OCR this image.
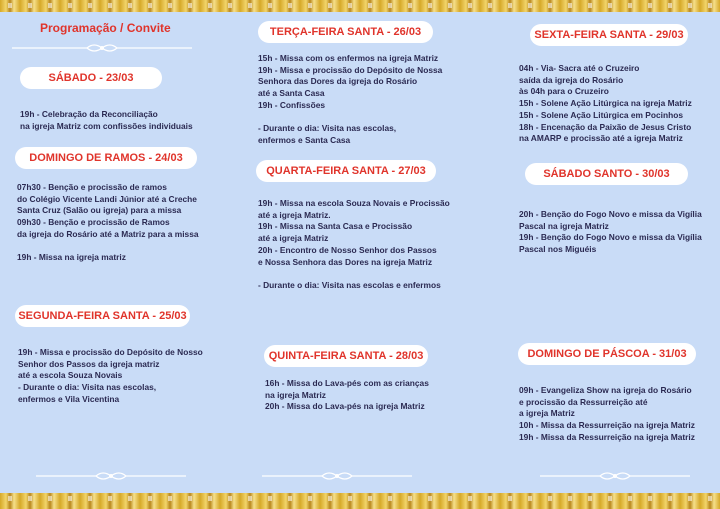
Programação / Convite
SÁBADO - 23/03
19h - Celebração da Reconciliação
na igreja Matriz com confissões individuais
DOMINGO DE RAMOS - 24/03
07h30 - Benção e procissão de ramos
do Colégio Vicente Landi Júnior até a Creche
Santa Cruz (Salão ou igreja) para a missa
09h30 - Benção e procissão de Ramos
da igreja do Rosário até a Matriz para a missa
19h - Missa na igreja matriz
SEGUNDA-FEIRA SANTA - 25/03
19h - Missa e procissão do Depósito de Nosso
Senhor dos Passos da igreja matriz
até a escola Souza Novais
- Durante o dia: Visita nas escolas,
enfermos e Vila Vicentina
TERÇA-FEIRA SANTA - 26/03
15h - Missa com os enfermos na igreja Matriz
19h - Missa e procissão do Depósito de Nossa
Senhora das Dores da igreja do Rosário
até a Santa Casa
19h - Confissões
- Durante o dia: Visita nas escolas,
enfermos e Santa Casa
QUARTA-FEIRA SANTA - 27/03
19h - Missa na escola Souza Novais e Procissão
até a igreja Matriz.
19h - Missa na Santa Casa e Procissão
até a igreja Matriz
20h - Encontro de Nosso Senhor dos Passos
e Nossa Senhora das Dores na igreja Matriz
- Durante o dia: Visita nas escolas e enfermos
QUINTA-FEIRA SANTA - 28/03
16h - Missa do Lava-pés com as crianças
na igreja Matriz
20h - Missa do Lava-pés na igreja Matriz
SEXTA-FEIRA SANTA - 29/03
04h - Via- Sacra até o Cruzeiro
saída da igreja do Rosário
às 04h para o Cruzeiro
15h - Solene Ação Litúrgica na igreja Matriz
15h - Solene Ação Litúrgica em Pocinhos
18h - Encenação da Paixão de Jesus Cristo
na AMARP e procissão até a igreja Matriz
SÁBADO SANTO - 30/03
20h - Benção do Fogo Novo e missa da Vigília
Pascal na igreja Matriz
19h - Benção do Fogo Novo e missa da Vigília
Pascal nos Miguéis
DOMINGO DE PÁSCOA - 31/03
09h - Evangeliza Show na igreja do Rosário
e procissão da Ressurreição até
a igreja Matriz
10h - Missa da Ressurreição na igreja Matriz
19h - Missa da Ressurreição na igreja Matriz
